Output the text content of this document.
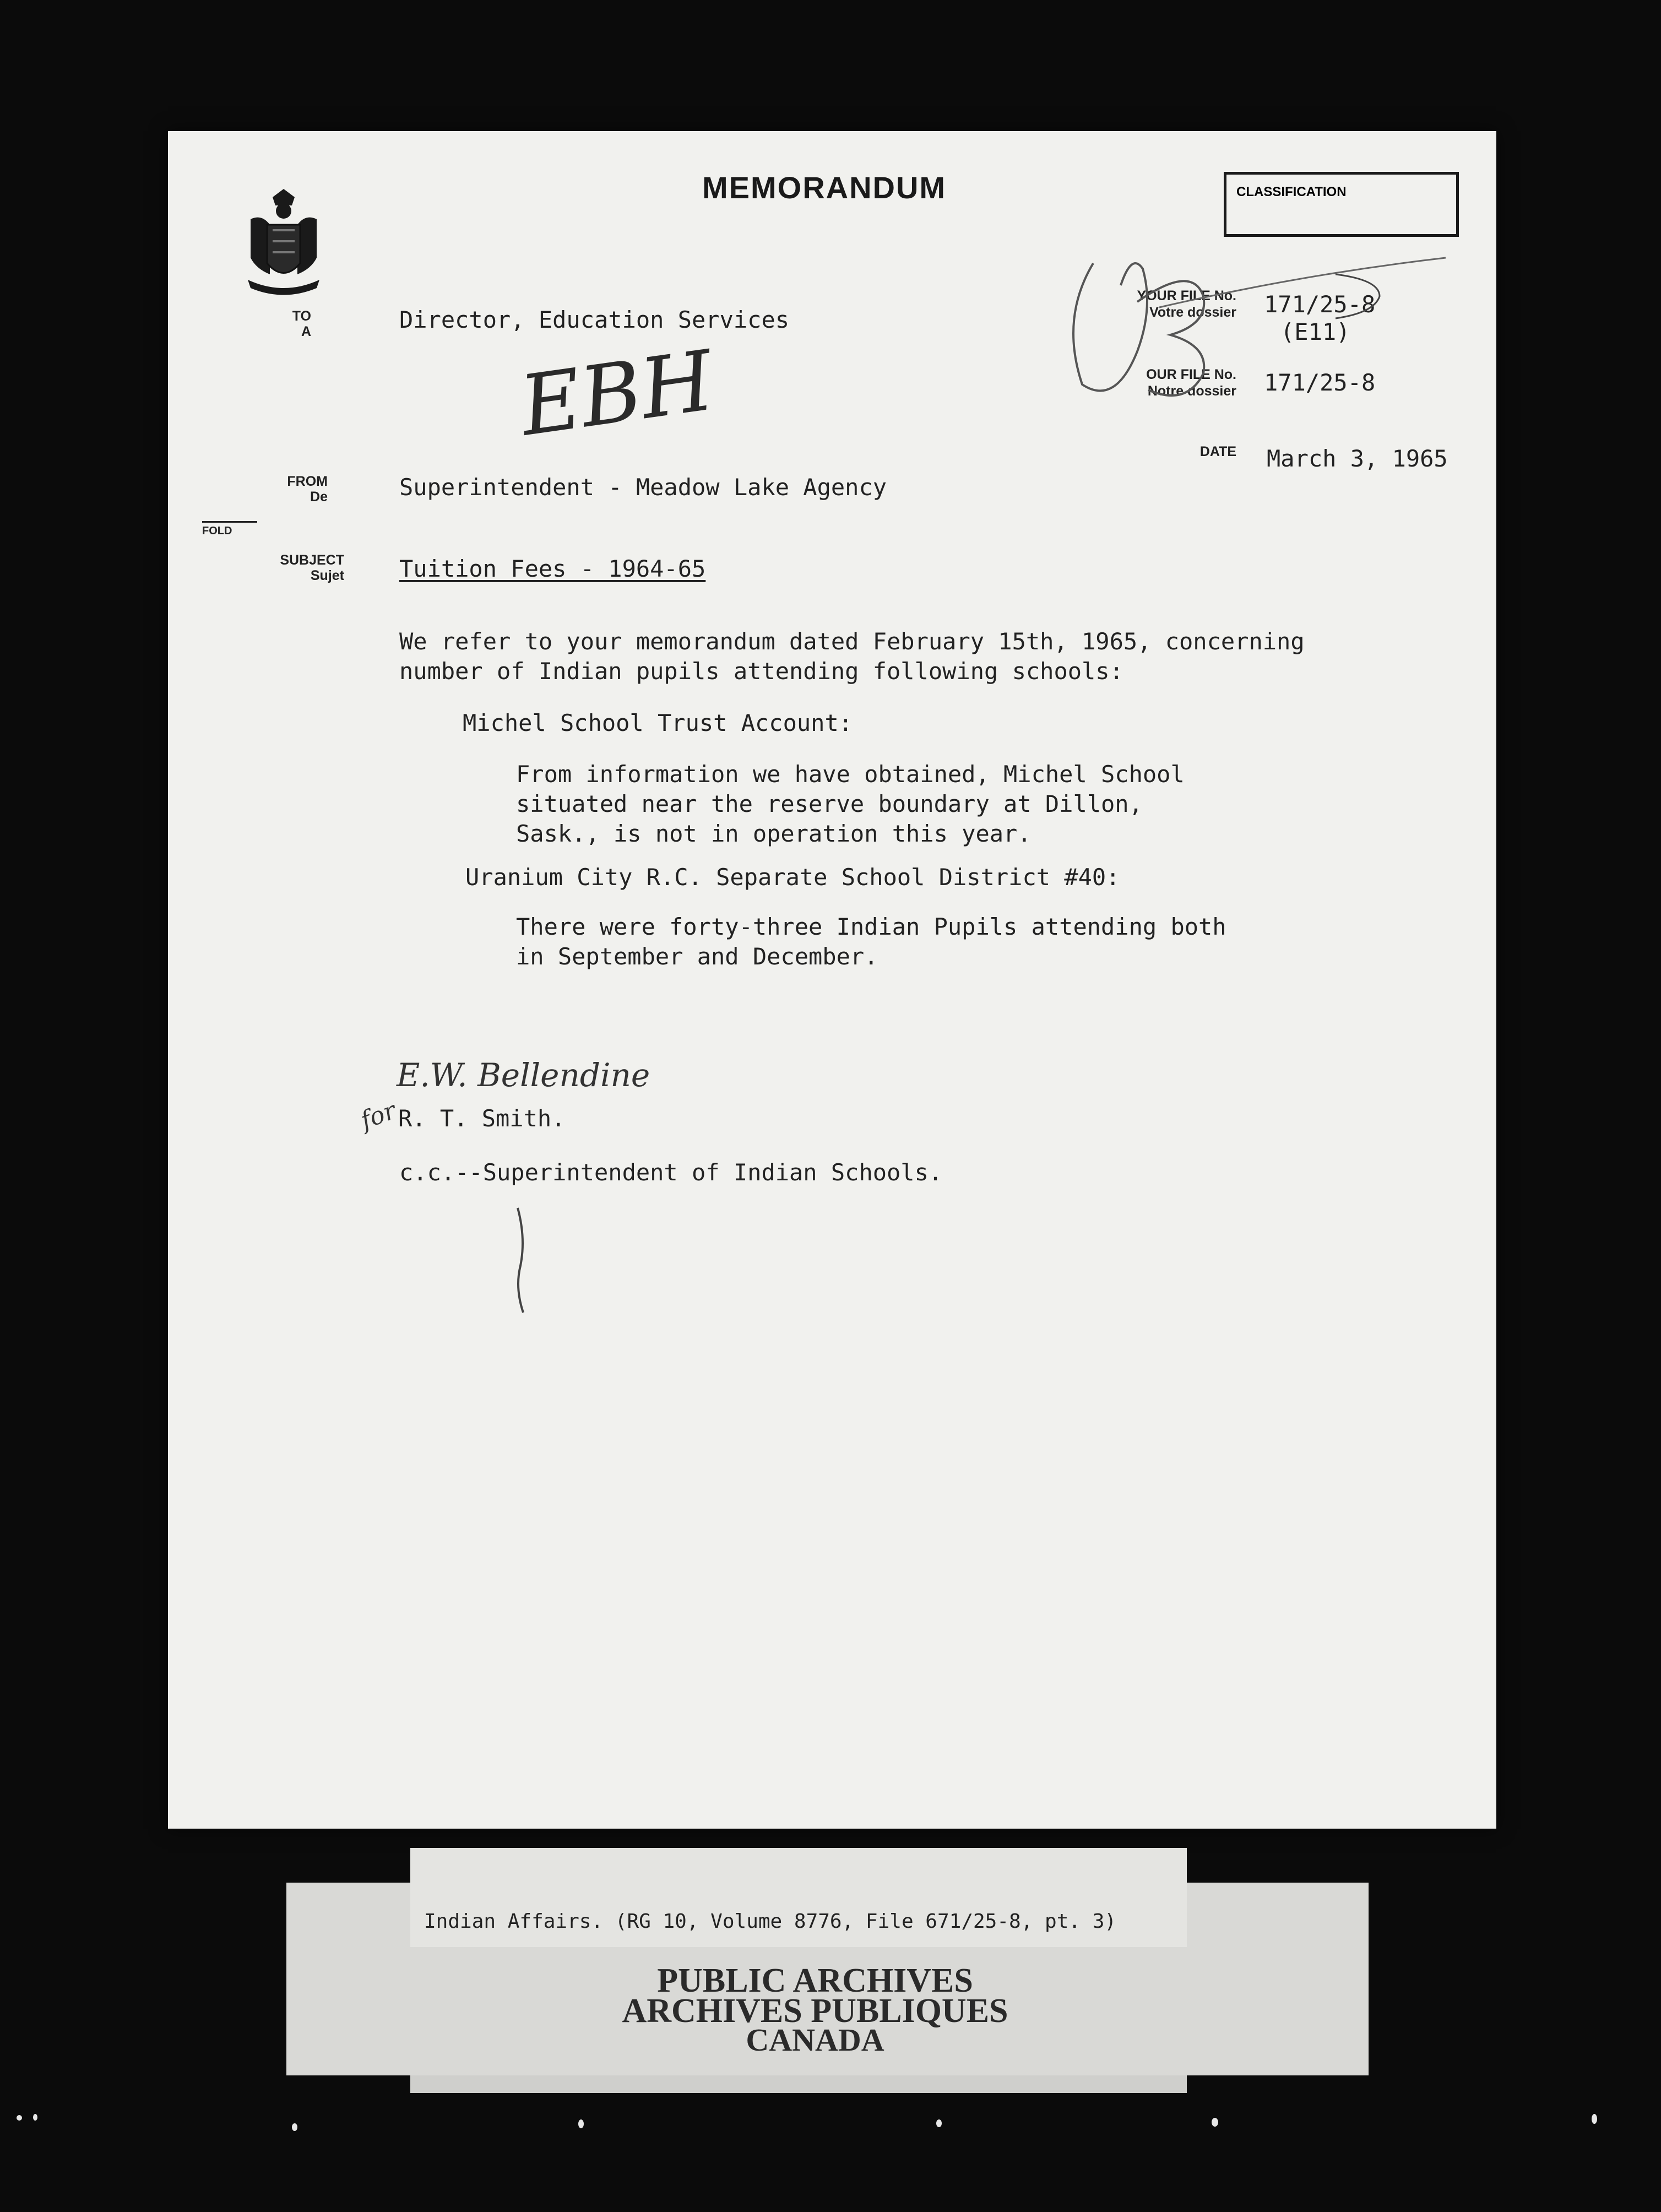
MEMORANDUM	CLASSIFICATION
TO
A
FROM
De
FOLD
SUBJECT
Sujet
YOUR FILE No.
Votre dossier
OUR FILE No.
Notre dossier
DATE
171/25-8
(E11)
171/25-8
March 3, 1965
Director, Education Services
EBH
Superintendent - Meadow Lake Agency
Tuition Fees - 1964-65
We refer to your memorandum dated February 15th, 1965, concerning
number of Indian pupils attending following schools:
Michel School Trust Account:
From information we have obtained, Michel School
situated near the reserve boundary at Dillon,
Sask., is not in operation this year.
Uranium City R.C. Separate School District #40:
There were forty-three Indian Pupils attending both
in September and December.
E.W. Bellendine
for
R. T. Smith.
c.c.--Superintendent of Indian Schools.
Indian Affairs. (RG 10, Volume 8776, File 671/25-8, pt. 3)
PUBLIC ARCHIVES
ARCHIVES PUBLIQUES
CANADA
